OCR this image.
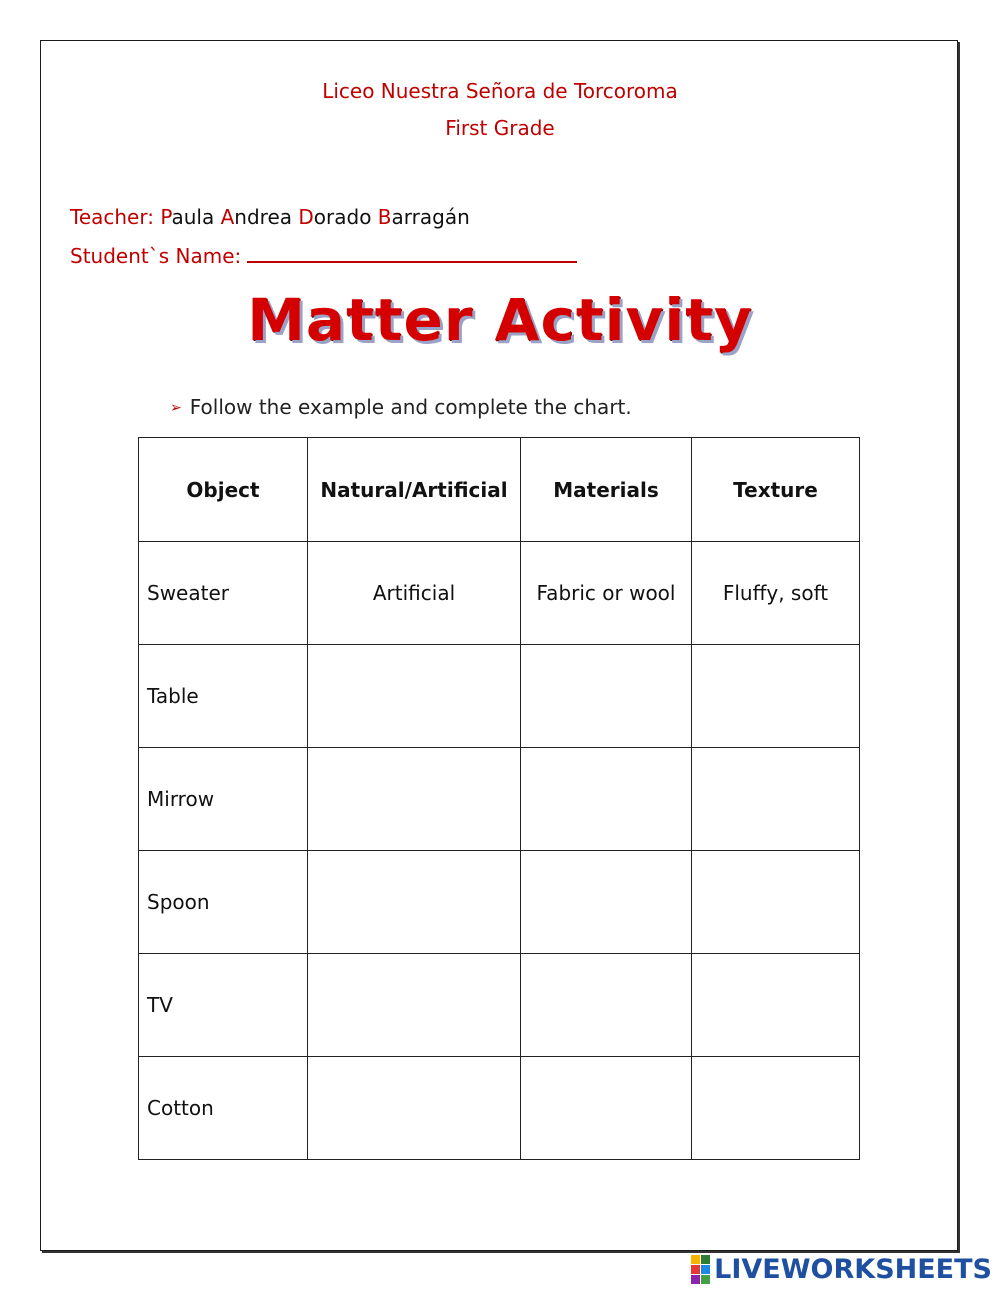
Liceo Nuestra Señora de Torcoroma
First Grade
Teacher: Paula Andrea Dorado Barragán
Student`s Name:
Matter Activity
➢ Follow the example and complete the chart.
Object	Natural/Artificial	Materials	Texture
Sweater	Artificial	Fabric or wool	Fluffy, soft
Table			
Mirrow			
Spoon			
TV			
Cotton			
LIVEWORKSHEETS
